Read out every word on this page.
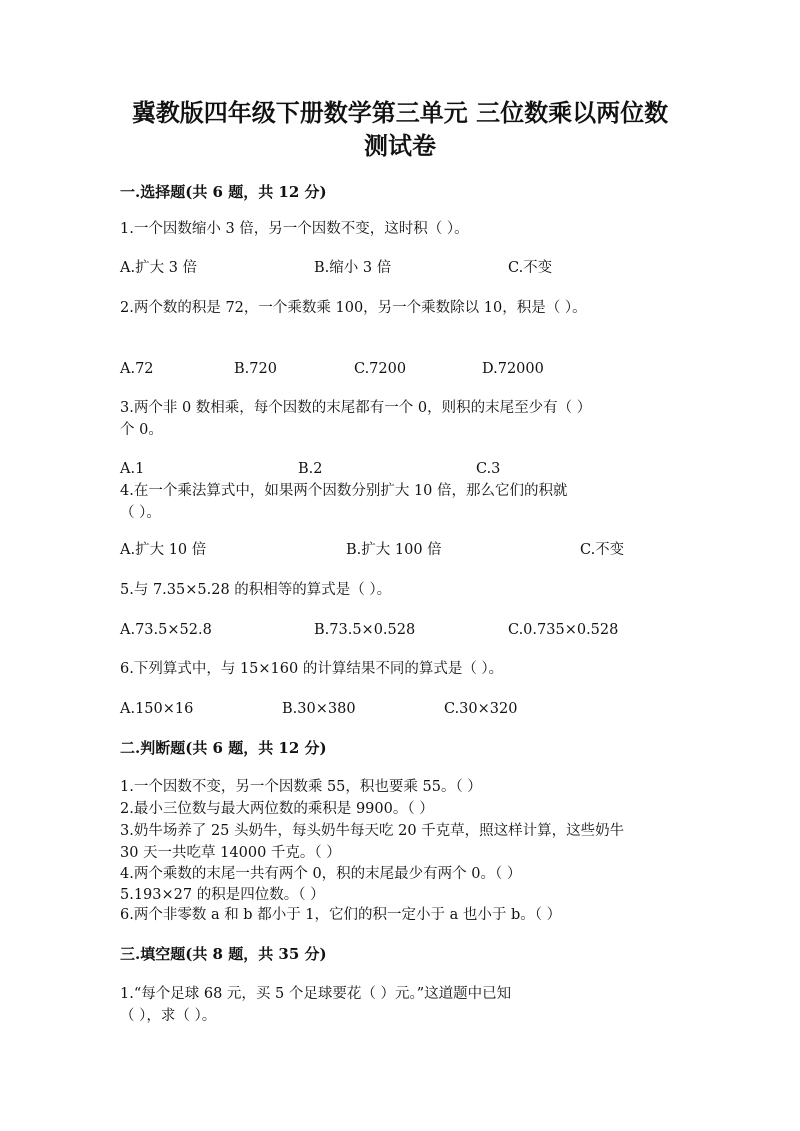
冀教版四年级下册数学第三单元 三位数乘以两位数
测试卷
一.选择题(共 6 题，共 12 分)
1.一个因数缩小 3 倍，另一个因数不变，这时积（ ）。
A.扩大 3 倍	B.缩小 3 倍	C.不变
2.两个数的积是 72，一个乘数乘 100，另一个乘数除以 10，积是（ ）。
A.72	B.720	C.7200	D.72000
3.两个非 0 数相乘，每个因数的末尾都有一个 0，则积的末尾至少有（ ）
个 0。
A.1	B.2	C.3
4.在一个乘法算式中，如果两个因数分别扩大 10 倍，那么它们的积就
（ ）。
A.扩大 10 倍	B.扩大 100 倍	C.不变
5.与 7.35×5.28 的积相等的算式是（ ）。
A.73.5×52.8	B.73.5×0.528	C.0.735×0.528
6.下列算式中，与 15×160 的计算结果不同的算式是（ ）。
A.150×16	B.30×380	C.30×320
二.判断题(共 6 题，共 12 分)
1.一个因数不变，另一个因数乘 55，积也要乘 55。（ ）
2.最小三位数与最大两位数的乘积是 9900。（ ）
3.奶牛场养了 25 头奶牛，每头奶牛每天吃 20 千克草，照这样计算，这些奶牛
30 天一共吃草 14000 千克。（ ）
4.两个乘数的末尾一共有两个 0，积的末尾最少有两个 0。（ ）
5.193×27 的积是四位数。（ ）
6.两个非零数 a 和 b 都小于 1，它们的积一定小于 a 也小于 b。（ ）
三.填空题(共 8 题，共 35 分)
1.“每个足球 68 元，买 5 个足球要花（ ）元。”这道题中已知
（ ），求（ ）。
